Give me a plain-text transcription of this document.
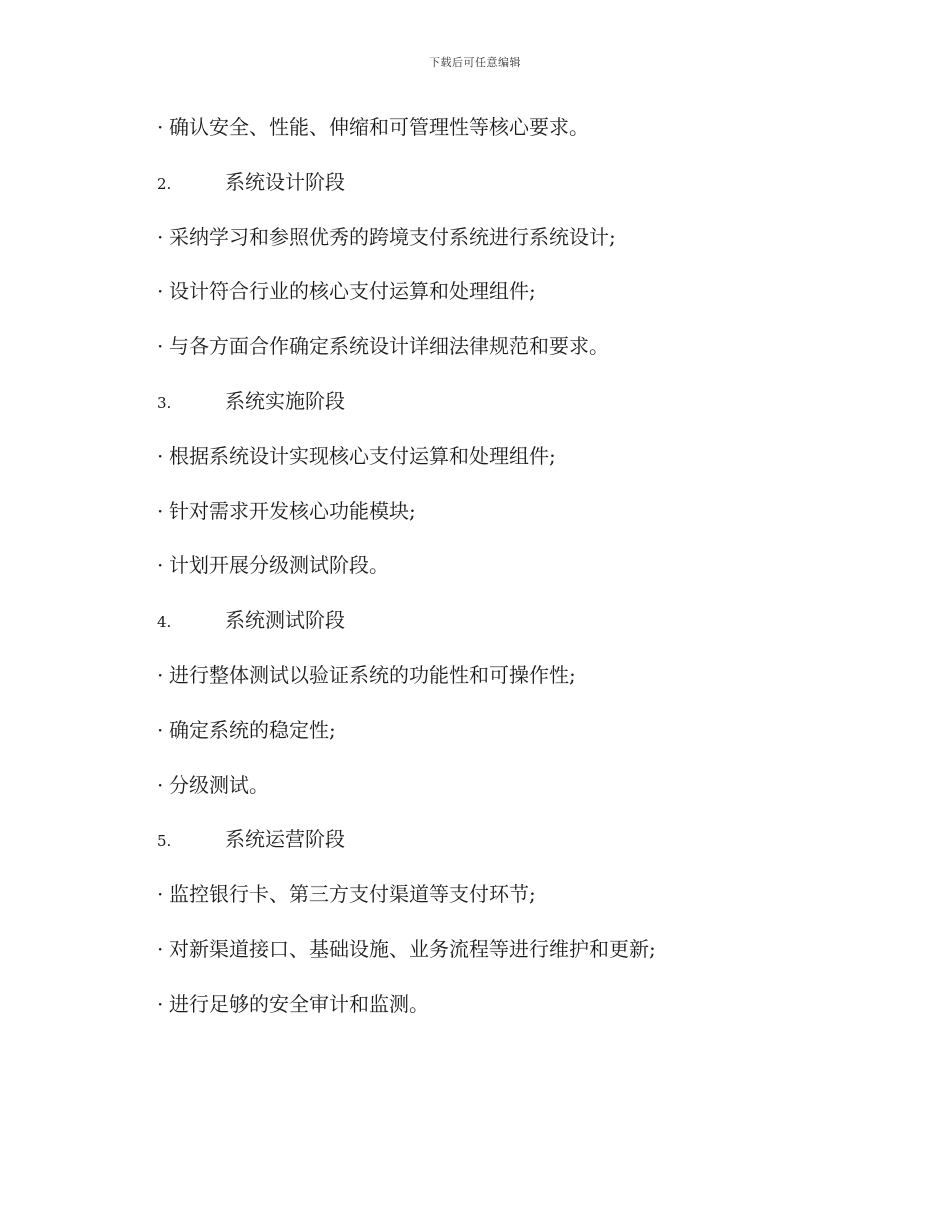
下载后可任意编辑
· 确认安全、性能、伸缩和可管理性等核心要求。
2.	系统设计阶段
· 采纳学习和参照优秀的跨境支付系统进行系统设计;
· 设计符合行业的核心支付运算和处理组件;
· 与各方面合作确定系统设计详细法律规范和要求。
3.	系统实施阶段
· 根据系统设计实现核心支付运算和处理组件;
· 针对需求开发核心功能模块;
· 计划开展分级测试阶段。
4.	系统测试阶段
· 进行整体测试以验证系统的功能性和可操作性;
· 确定系统的稳定性;
· 分级测试。
5.	系统运营阶段
· 监控银行卡、第三方支付渠道等支付环节;
· 对新渠道接口、基础设施、业务流程等进行维护和更新;
· 进行足够的安全审计和监测。
